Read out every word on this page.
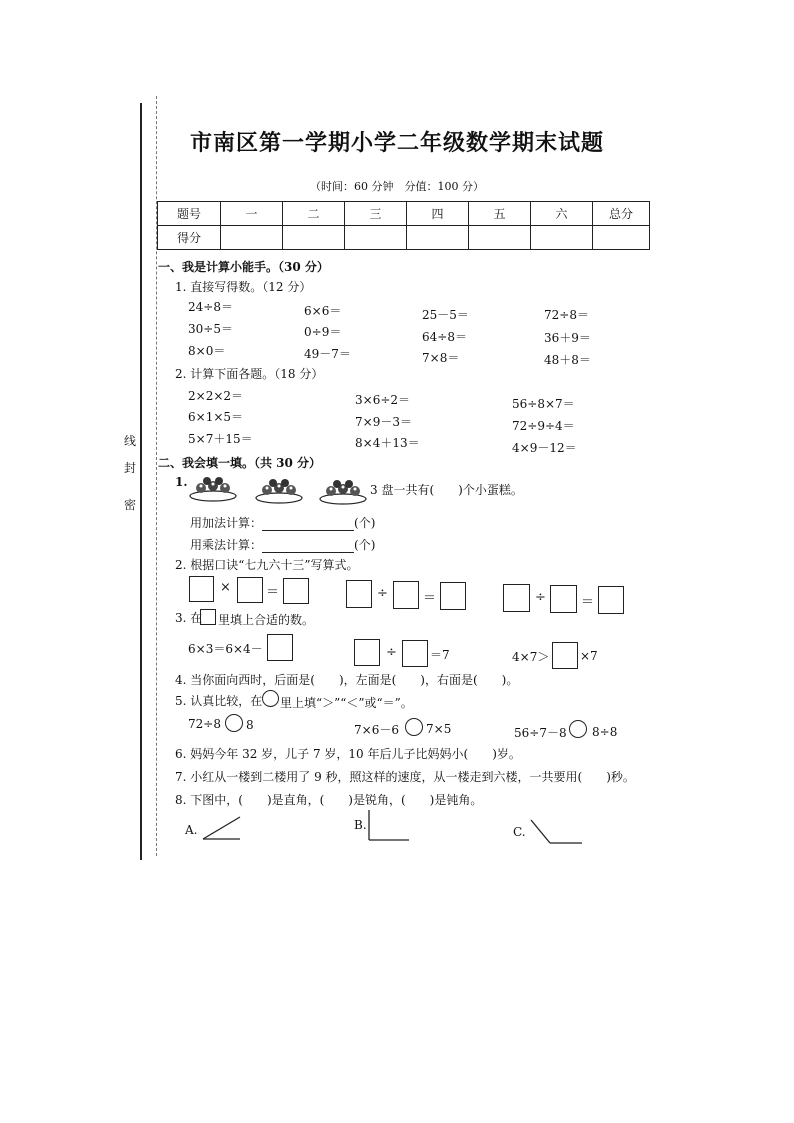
线
封
密
市南区第一学期小学二年级数学期末试题
（时间：60 分钟　分值：100 分）
题号	一	二	三	四	五	六	总分
得分							
一、我是计算小能手。（30 分）
1. 直接写得数。（12 分）
24÷8＝	6×6＝	25－5＝	72÷8＝
30÷5＝	0÷9＝	64÷8＝	36＋9＝
8×0＝	49－7＝	7×8＝	48＋8＝
2. 计算下面各题。（18 分）
2×2×2＝	3×6÷2＝	56÷8×7＝
6×1×5＝	7×9－3＝	72÷9÷4＝
5×7＋15＝	8×4＋13＝	4×9－12＝
二、我会填一填。（共 30 分）
1.
3 盘一共有(　　)个小蛋糕。
用加法计算：	(个)
用乘法计算：	(个)
2. 根据口诀“七九六十三”写算式。
×	＝	÷	＝	÷	＝
3. 在 里填上合适的数。
6×3＝6×4－	÷	＝7	4×7＞	×7
4. 当你面向西时，后面是(　　)，左面是(　　)，右面是(　　)。
5. 认真比较，在 里上填“＞”“＜”或“＝”。
72÷8 8	7×6－6 7×5	56÷7－8 8÷8
6. 妈妈今年 32 岁，儿子 7 岁，10 年后儿子比妈妈小(　　)岁。
7. 小红从一楼到二楼用了 9 秒，照这样的速度，从一楼走到六楼，一共要用(　　)秒。
8. 下图中，(　　)是直角，(　　)是锐角，(　　)是钝角。
A.	B.	C.
